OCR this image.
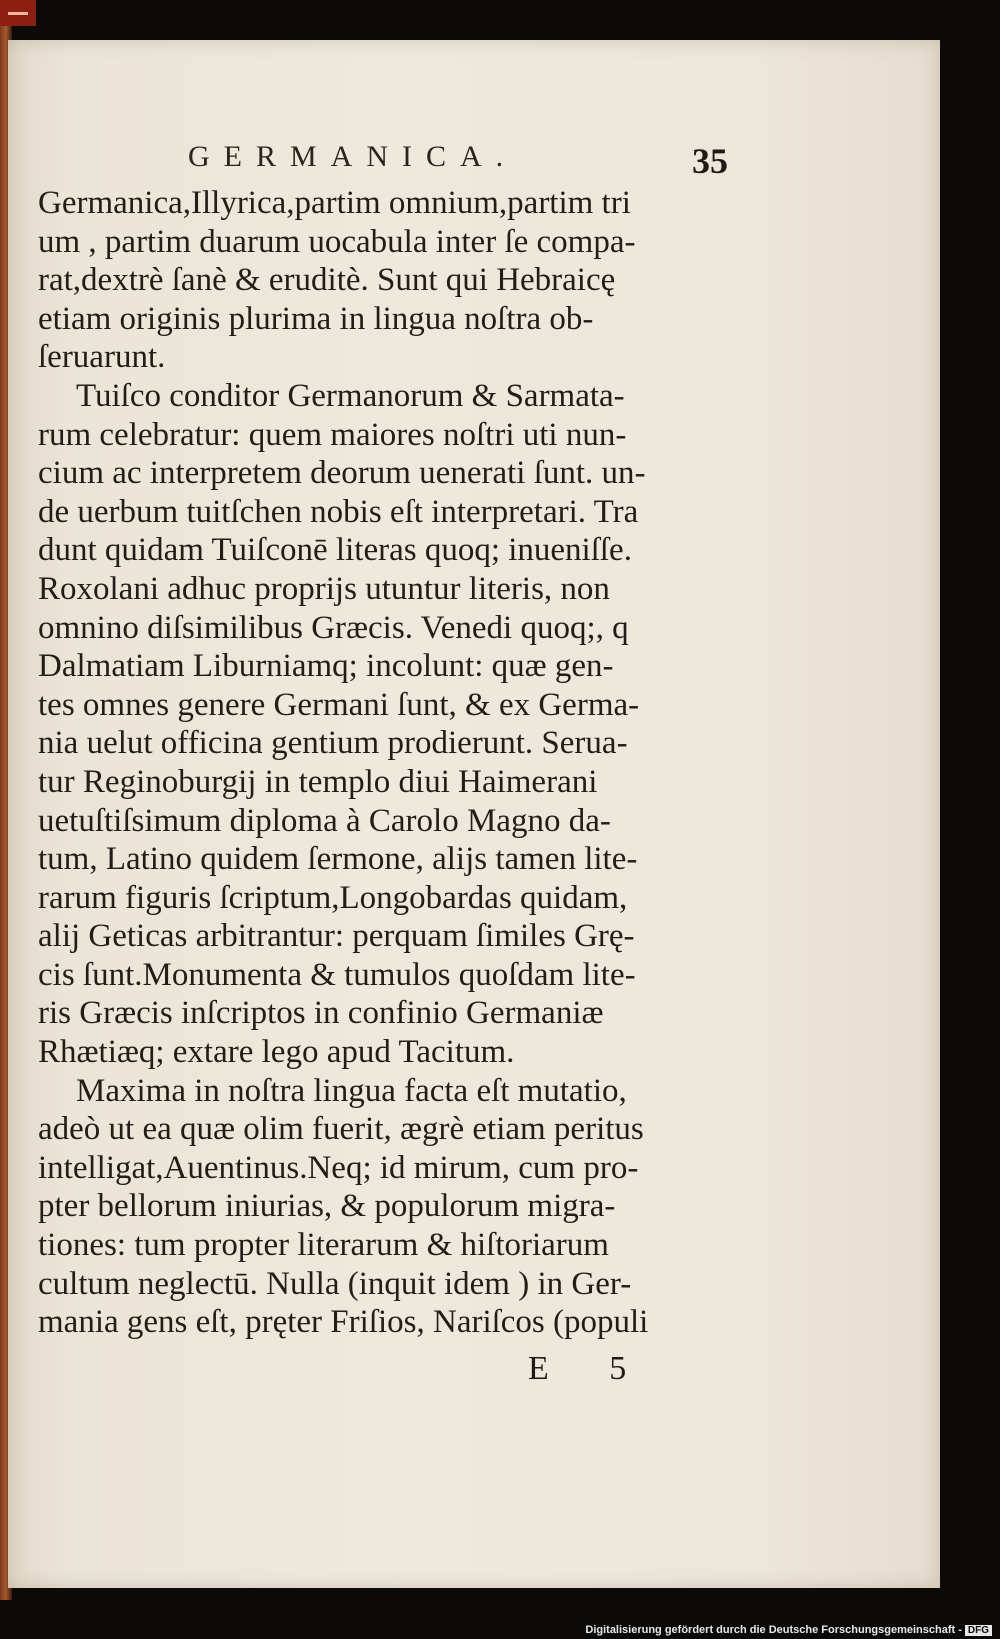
▬▬
GERMANICA.	35
Germanica,Illyrica,partim omnium,partim tri
um , partim duarum uocabula inter ſe compa-
rat,dextrè ſanè & eruditè. Sunt qui Hebraicę
etiam originis plurima in lingua noſtra ob-
ſeruarunt.
Tuiſco conditor Germanorum & Sarmata-
rum celebratur: quem maiores noſtri uti nun-
cium ac interpretem deorum uenerati ſunt. un-
de uerbum tuitſchen nobis eſt interpretari. Tra
dunt quidam Tuiſconē literas quoq; inueniſſe.
Roxolani adhuc proprijs utuntur literis, non
omnino diſsimilibus Græcis. Venedi quoq;, q
Dalmatiam Liburniamq; incolunt: quæ gen-
tes omnes genere Germani ſunt, & ex Germa-
nia uelut officina gentium prodierunt. Serua-
tur Reginoburgij in templo diui Haimerani
uetuſtiſsimum diploma à Carolo Magno da-
tum, Latino quidem ſermone, alijs tamen lite-
rarum figuris ſcriptum,Longobardas quidam,
alij Geticas arbitrantur: perquam ſimiles Grę-
cis ſunt.Monumenta & tumulos quoſdam lite-
ris Græcis inſcriptos in confinio Germaniæ
Rhætiæq; extare lego apud Tacitum.
Maxima in noſtra lingua facta eſt mutatio,
adeò ut ea quæ olim fuerit, ægrè etiam peritus
intelligat,Auentinus.Neq; id mirum, cum pro-
pter bellorum iniurias, & populorum migra-
tiones: tum propter literarum & hiſtoriarum
cultum neglectū. Nulla (inquit idem ) in Ger-
mania gens eſt, pręter Friſios, Nariſcos (populi
E 5
Digitalisierung gefördert durch die Deutsche Forschungsgemeinschaft - DFG
